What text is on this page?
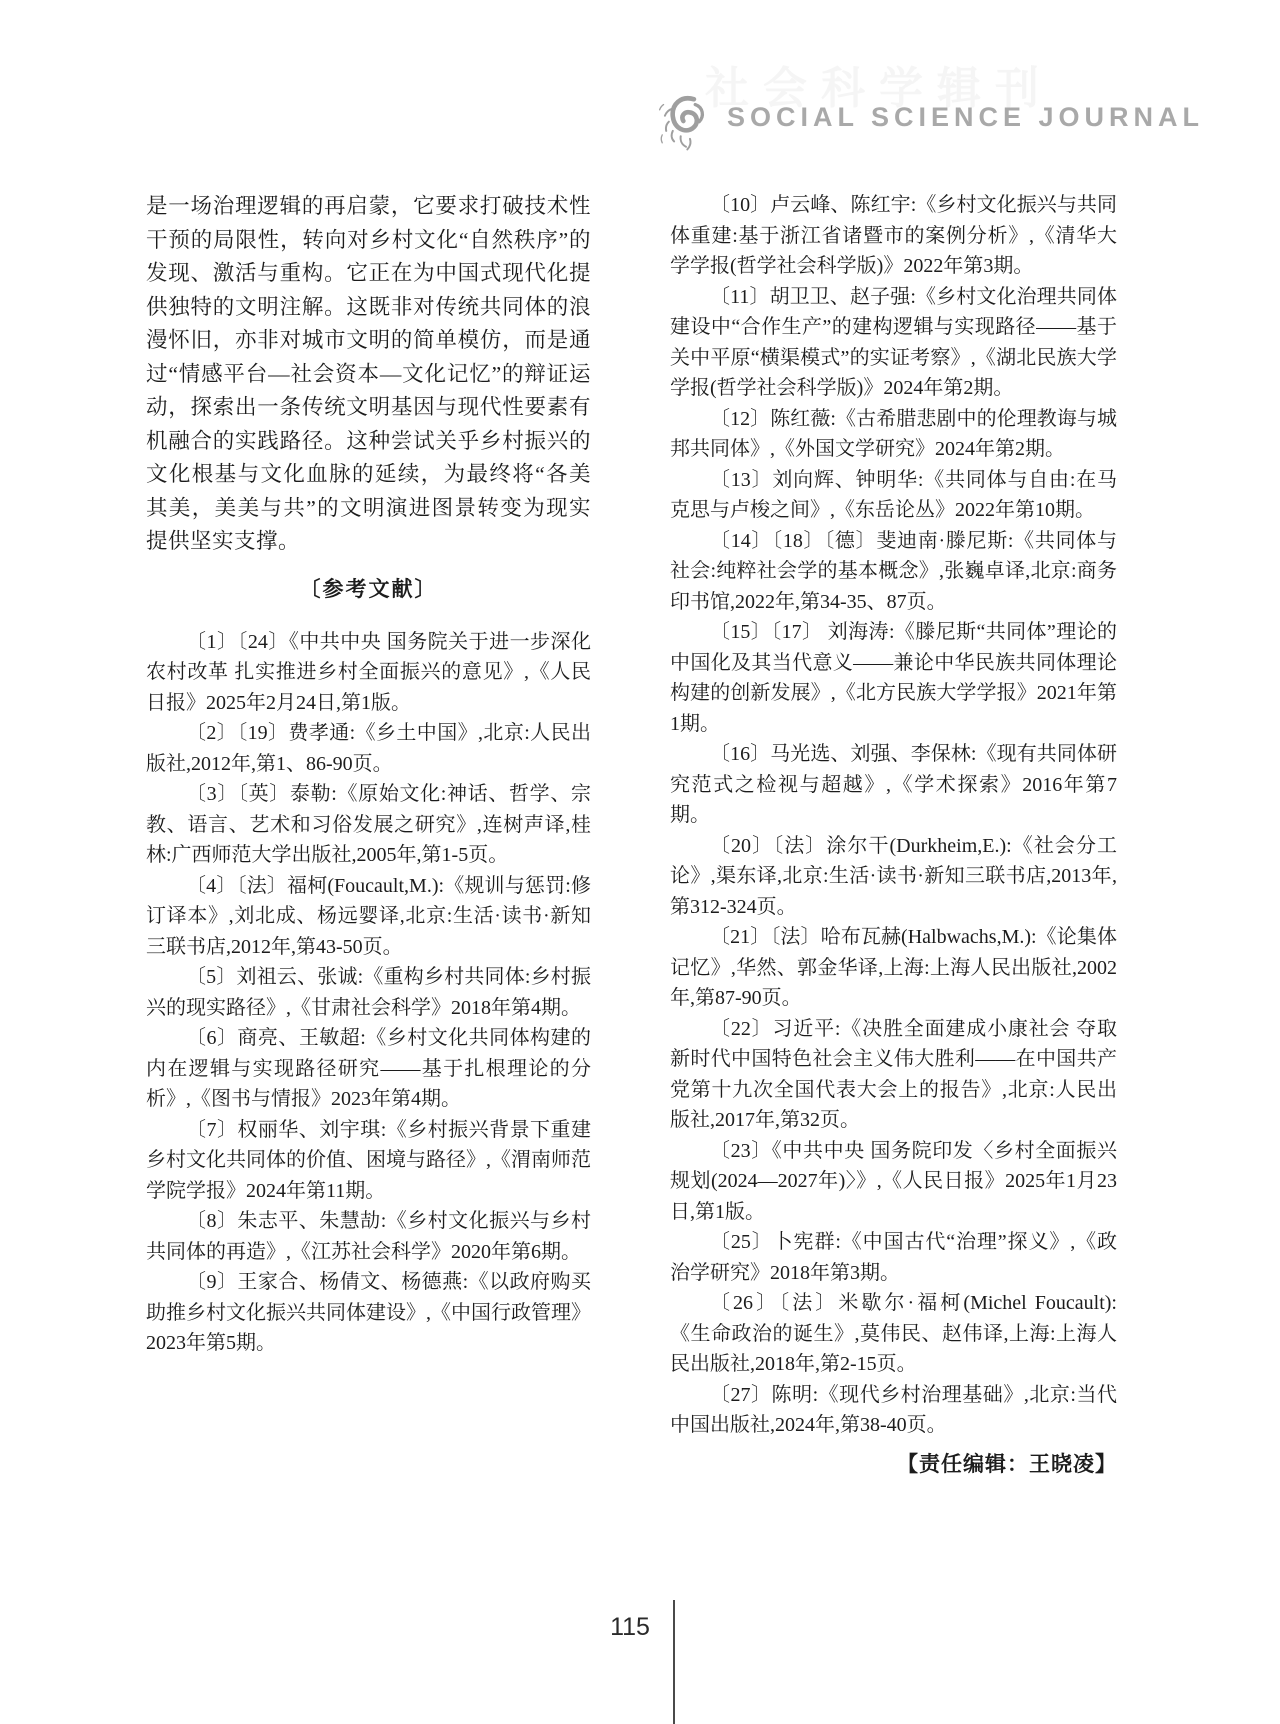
社会科学辑刊
SOCIAL SCIENCE JOURNAL

是一场治理逻辑的再启蒙，它要求打破技术性干预的局限性，转向对乡村文化“自然秩序”的发现、激活与重构。它正在为中国式现代化提供独特的文明注解。这既非对传统共同体的浪漫怀旧，亦非对城市文明的简单模仿，而是通过“情感平台—社会资本—文化记忆”的辩证运动，探索出一条传统文明基因与现代性要素有机融合的实践路径。这种尝试关乎乡村振兴的文化根基与文化血脉的延续，为最终将“各美其美，美美与共”的文明演进图景转变为现实提供坚实支撑。

〔参考文献〕

〔1〕〔24〕《中共中央 国务院关于进一步深化农村改革 扎实推进乡村全面振兴的意见》,《人民日报》2025年2月24日,第1版。

〔2〕〔19〕费孝通:《乡土中国》,北京:人民出版社,2012年,第1、86-90页。

〔3〕〔英〕泰勒:《原始文化:神话、哲学、宗教、语言、艺术和习俗发展之研究》,连树声译,桂林:广西师范大学出版社,2005年,第1-5页。

〔4〕〔法〕福柯(Foucault,M.):《规训与惩罚:修订译本》,刘北成、杨远婴译,北京:生活·读书·新知三联书店,2012年,第43-50页。

〔5〕刘祖云、张诚:《重构乡村共同体:乡村振兴的现实路径》,《甘肃社会科学》2018年第4期。

〔6〕商亮、王敏超:《乡村文化共同体构建的内在逻辑与实现路径研究——基于扎根理论的分析》,《图书与情报》2023年第4期。

〔7〕权丽华、刘宇琪:《乡村振兴背景下重建乡村文化共同体的价值、困境与路径》,《渭南师范学院学报》2024年第11期。

〔8〕朱志平、朱慧劼:《乡村文化振兴与乡村共同体的再造》,《江苏社会科学》2020年第6期。

〔9〕王家合、杨倩文、杨德燕:《以政府购买助推乡村文化振兴共同体建设》,《中国行政管理》2023年第5期。

〔10〕卢云峰、陈红宇:《乡村文化振兴与共同体重建:基于浙江省诸暨市的案例分析》,《清华大学学报(哲学社会科学版)》2022年第3期。

〔11〕胡卫卫、赵子强:《乡村文化治理共同体建设中“合作生产”的建构逻辑与实现路径——基于关中平原“横渠模式”的实证考察》,《湖北民族大学学报(哲学社会科学版)》2024年第2期。

〔12〕陈红薇:《古希腊悲剧中的伦理教诲与城邦共同体》,《外国文学研究》2024年第2期。

〔13〕刘向辉、钟明华:《共同体与自由:在马克思与卢梭之间》,《东岳论丛》2022年第10期。

〔14〕〔18〕〔德〕斐迪南·滕尼斯:《共同体与社会:纯粹社会学的基本概念》,张巍卓译,北京:商务印书馆,2022年,第34-35、87页。

〔15〕〔17〕 刘海涛:《滕尼斯“共同体”理论的中国化及其当代意义——兼论中华民族共同体理论构建的创新发展》,《北方民族大学学报》2021年第1期。

〔16〕马光选、刘强、李保林:《现有共同体研究范式之检视与超越》,《学术探索》2016年第7期。

〔20〕〔法〕涂尔干(Durkheim,E.):《社会分工论》,渠东译,北京:生活·读书·新知三联书店,2013年,第312-324页。

〔21〕〔法〕哈布瓦赫(Halbwachs,M.):《论集体记忆》,华然、郭金华译,上海:上海人民出版社,2002年,第87-90页。

〔22〕习近平:《决胜全面建成小康社会 夺取新时代中国特色社会主义伟大胜利——在中国共产党第十九次全国代表大会上的报告》,北京:人民出版社,2017年,第32页。

〔23〕《中共中央 国务院印发〈乡村全面振兴规划(2024—2027年)〉》,《人民日报》2025年1月23日,第1版。

〔25〕卜宪群:《中国古代“治理”探义》,《政治学研究》2018年第3期。

〔26〕〔法〕米歇尔·福柯(Michel Foucault):《生命政治的诞生》,莫伟民、赵伟译,上海:上海人民出版社,2018年,第2-15页。

〔27〕陈明:《现代乡村治理基础》,北京:当代中国出版社,2024年,第38-40页。

【责任编辑：王晓凌】

115
